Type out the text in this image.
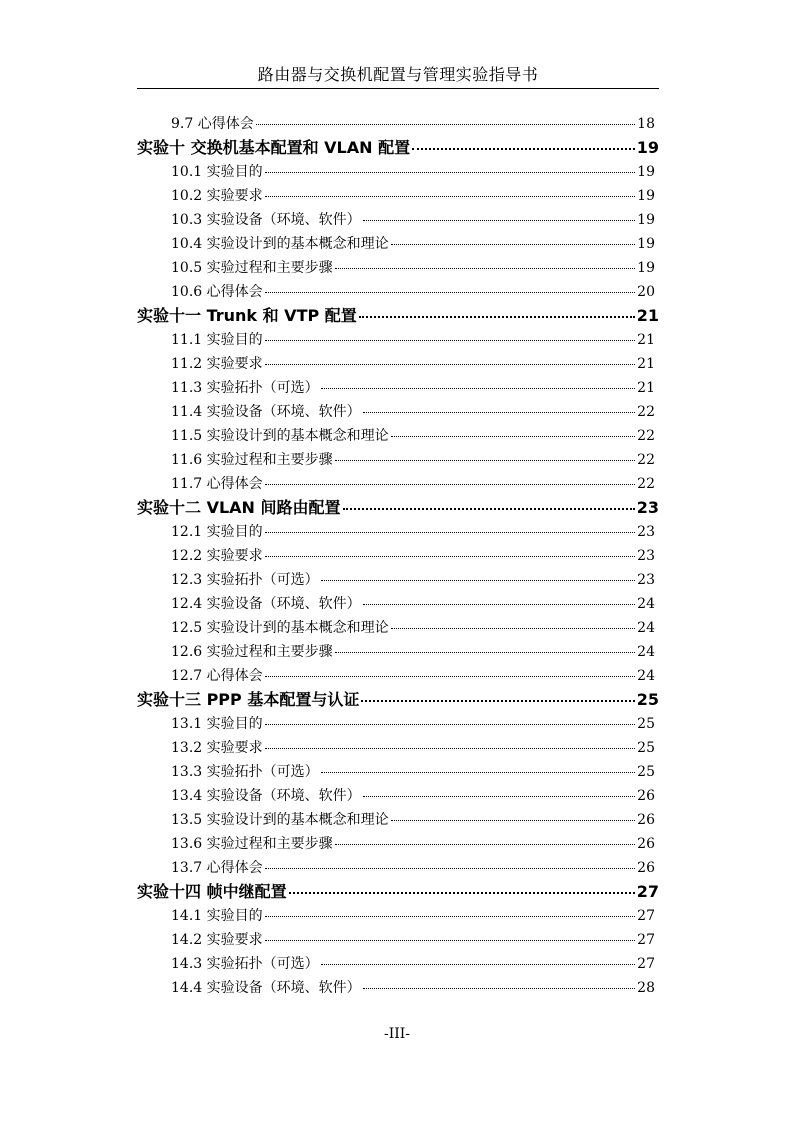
路由器与交换机配置与管理实验指导书
9.7 心得体会	18
实验十 交换机基本配置和 VLAN 配置	19
10.1 实验目的	19
10.2 实验要求	19
10.3 实验设备（环境、软件）	19
10.4 实验设计到的基本概念和理论	19
10.5 实验过程和主要步骤	19
10.6 心得体会	20
实验十一 Trunk 和 VTP 配置	21
11.1 实验目的	21
11.2 实验要求	21
11.3 实验拓扑（可选）	21
11.4 实验设备（环境、软件）	22
11.5 实验设计到的基本概念和理论	22
11.6 实验过程和主要步骤	22
11.7 心得体会	22
实验十二 VLAN 间路由配置	23
12.1 实验目的	23
12.2 实验要求	23
12.3 实验拓扑（可选）	23
12.4 实验设备（环境、软件）	24
12.5 实验设计到的基本概念和理论	24
12.6 实验过程和主要步骤	24
12.7 心得体会	24
实验十三 PPP 基本配置与认证	25
13.1 实验目的	25
13.2 实验要求	25
13.3 实验拓扑（可选）	25
13.4 实验设备（环境、软件）	26
13.5 实验设计到的基本概念和理论	26
13.6 实验过程和主要步骤	26
13.7 心得体会	26
实验十四 帧中继配置	27
14.1 实验目的	27
14.2 实验要求	27
14.3 实验拓扑（可选）	27
14.4 实验设备（环境、软件）	28
-III-
